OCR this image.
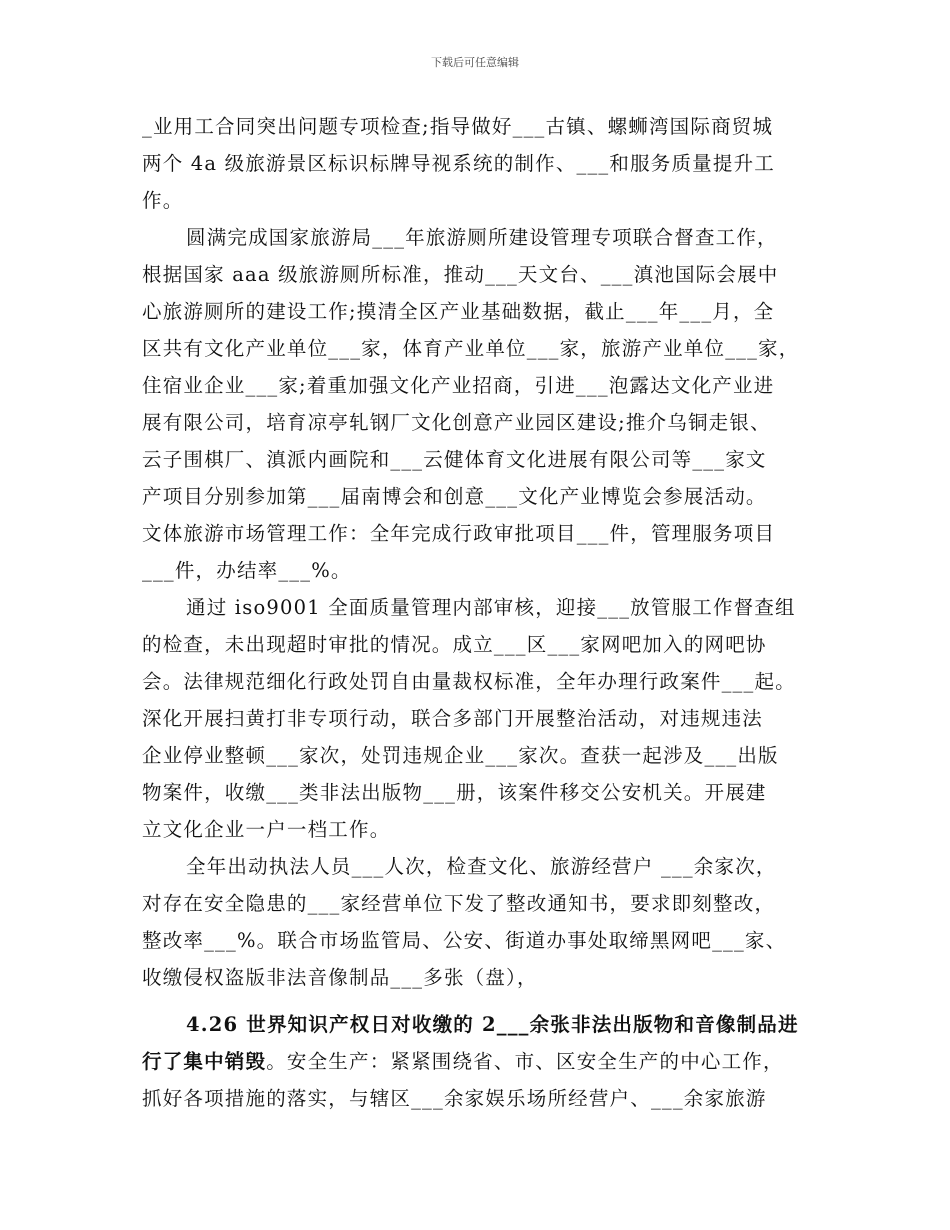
下载后可任意编辑
_业用工合同突出问题专项检查;指导做好___古镇、螺蛳湾国际商贸城
两个 4a 级旅游景区标识标牌导视系统的制作、___和服务质量提升工
作。
圆满完成国家旅游局___年旅游厕所建设管理专项联合督查工作，
根据国家 aaa 级旅游厕所标准，推动___天文台、___滇池国际会展中
心旅游厕所的建设工作;摸清全区产业基础数据，截止___年___月，全
区共有文化产业单位___家，体育产业单位___家，旅游产业单位___家，
住宿业企业___家;着重加强文化产业招商，引进___泡露达文化产业进
展有限公司，培育凉亭轧钢厂文化创意产业园区建设;推介乌铜走银、
云子围棋厂、滇派内画院和___云健体育文化进展有限公司等___家文
产项目分别参加第___届南博会和创意___文化产业博览会参展活动。
文体旅游市场管理工作：全年完成行政审批项目___件，管理服务项目
___件，办结率___%。
通过 iso9001 全面质量管理内部审核，迎接___放管服工作督查组
的检查，未出现超时审批的情况。成立___区___家网吧加入的网吧协
会。法律规范细化行政处罚自由量裁权标准，全年办理行政案件___起。
深化开展扫黄打非专项行动，联合多部门开展整治活动，对违规违法
企业停业整顿___家次，处罚违规企业___家次。查获一起涉及___出版
物案件，收缴___类非法出版物___册，该案件移交公安机关。开展建
立文化企业一户一档工作。
全年出动执法人员___人次，检查文化、旅游经营户 ___余家次，
对存在安全隐患的___家经营单位下发了整改通知书，要求即刻整改，
整改率___%。联合市场监管局、公安、街道办事处取缔黑网吧___家、
收缴侵权盗版非法音像制品___多张（盘），
4.26 世界知识产权日对收缴的 2___余张非法出版物和音像制品进
行了集中销毁。安全生产：紧紧围绕省、市、区安全生产的中心工作，
抓好各项措施的落实，与辖区___余家娱乐场所经营户、___余家旅游
